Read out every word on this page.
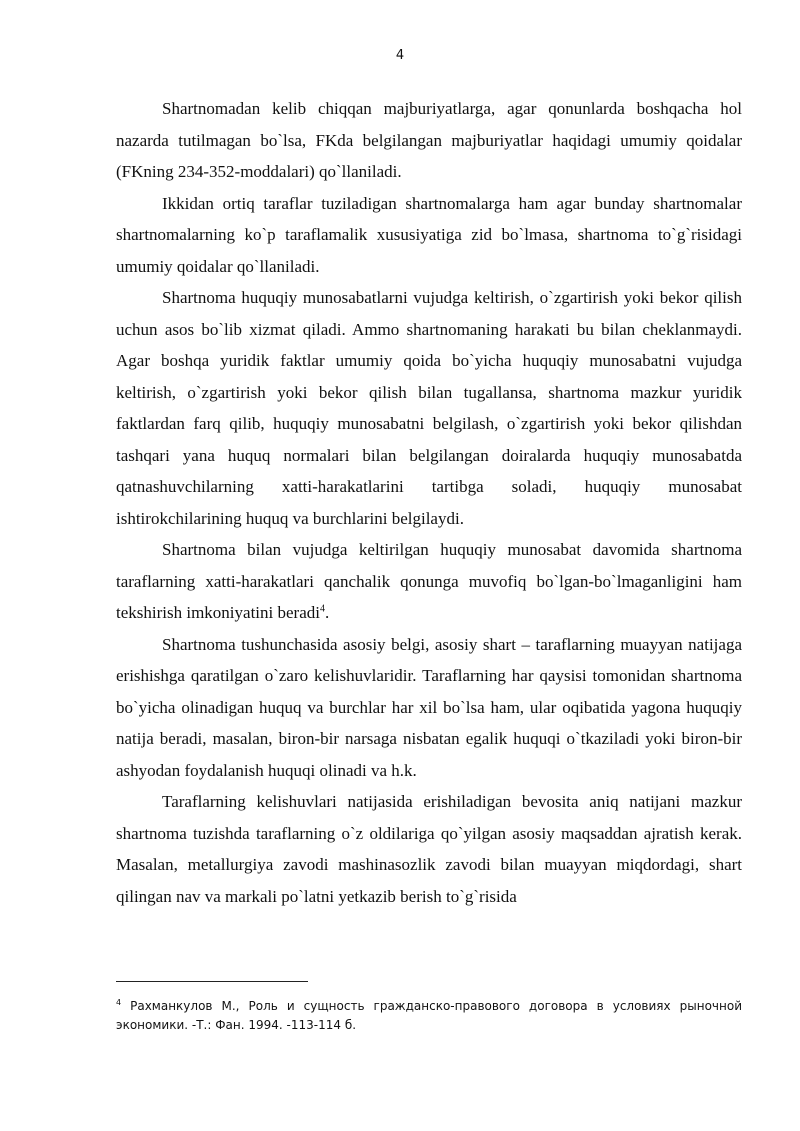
4

Shartnomadan kelib chiqqan majburiyatlarga, agar qonunlarda boshqacha hol nazarda tutilmagan bo`lsa, FKda belgilangan majburiyatlar haqidagi umumiy qoidalar (FKning 234-352-moddalari) qo`llaniladi.

Ikkidan ortiq taraflar tuziladigan shartnomalarga ham agar bunday shartnomalar shartnomalarning ko`p taraflamalik xususiyatiga zid bo`lmasa, shartnoma to`g`risidagi umumiy qoidalar qo`llaniladi.

Shartnoma huquqiy munosabatlarni vujudga keltirish, o`zgartirish yoki bekor qilish uchun asos bo`lib xizmat qiladi. Ammo shartnomaning harakati bu bilan cheklanmaydi. Agar boshqa yuridik faktlar umumiy qoida bo`yicha huquqiy munosabatni vujudga keltirish, o`zgartirish yoki bekor qilish bilan tugallansa, shartnoma mazkur yuridik faktlardan farq qilib, huquqiy munosabatni belgilash, o`zgartirish yoki bekor qilishdan tashqari yana huquq normalari bilan belgilangan doiralarda huquqiy munosabatda qatnashuvchilarning xatti-harakatlarini tartibga soladi, huquqiy munosabat ishtirokchilarining huquq va burchlarini belgilaydi.

Shartnoma bilan vujudga keltirilgan huquqiy munosabat davomida shartnoma taraflarning xatti-harakatlari qanchalik qonunga muvofiq bo`lgan-bo`lmaganligini ham tekshirish imkoniyatini beradi$^4$.

Shartnoma tushunchasida asosiy belgi, asosiy shart – taraflarning muayyan natijaga erishishga qaratilgan o`zaro kelishuvlaridir. Taraflarning har qaysisi tomonidan shartnoma bo`yicha olinadigan huquq va burchlar har xil bo`lsa ham, ular oqibatida yagona huquqiy natija beradi, masalan, biron-bir narsaga nisbatan egalik huquqi o`tkaziladi yoki biron-bir ashyodan foydalanish huquqi olinadi va h.k.

Taraflarning kelishuvlari natijasida erishiladigan bevosita aniq natijani mazkur shartnoma tuzishda taraflarning o`z oldilariga qo`yilgan asosiy maqsaddan ajratish kerak. Masalan, metallurgiya zavodi mashinasozlik zavodi bilan muayyan miqdordagi, shart qilingan nav va markali po`latni yetkazib berish to`g`risida

$^4$ Рахманкулов М., Роль и сущность гражданско-правового договора в условиях рыночной экономики. -Т.: Фан. 1994. -113-114 б.
